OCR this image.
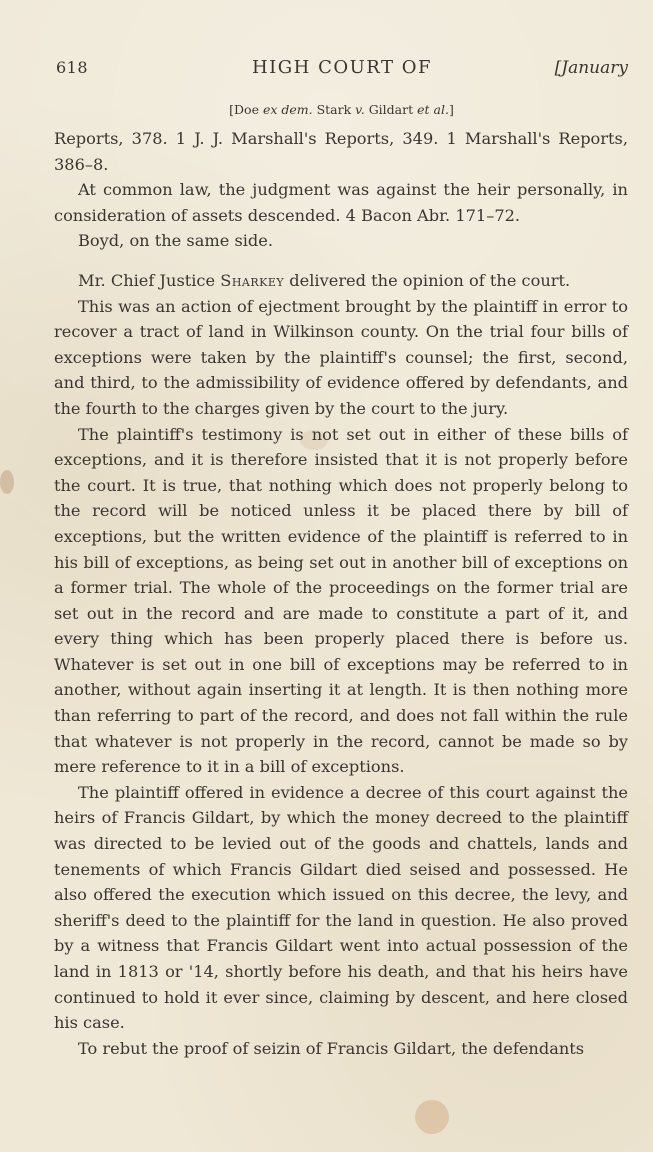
618	HIGH COURT OF	[January
[Doe ex dem. Stark v. Gildart et al.]

Reports, 378. 1 J. J. Marshall's Reports, 349. 1 Marshall's Reports, 386–8.

At common law, the judgment was against the heir personally, in consideration of assets descended. 4 Bacon Abr. 171–72.

Boyd, on the same side.

Mr. Chief Justice Sharkey delivered the opinion of the court.

This was an action of ejectment brought by the plaintiff in error to recover a tract of land in Wilkinson county. On the trial four bills of exceptions were taken by the plaintiff's counsel; the first, second, and third, to the admissibility of evidence offered by defendants, and the fourth to the charges given by the court to the jury.

The plaintiff's testimony is not set out in either of these bills of exceptions, and it is therefore insisted that it is not properly before the court. It is true, that nothing which does not properly belong to the record will be noticed unless it be placed there by bill of exceptions, but the written evidence of the plaintiff is referred to in his bill of exceptions, as being set out in another bill of exceptions on a former trial. The whole of the proceedings on the former trial are set out in the record and are made to constitute a part of it, and every thing which has been properly placed there is before us. Whatever is set out in one bill of exceptions may be referred to in another, without again inserting it at length. It is then nothing more than referring to part of the record, and does not fall within the rule that whatever is not properly in the record, cannot be made so by mere reference to it in a bill of exceptions.

The plaintiff offered in evidence a decree of this court against the heirs of Francis Gildart, by which the money decreed to the plaintiff was directed to be levied out of the goods and chattels, lands and tenements of which Francis Gildart died seised and possessed. He also offered the execution which issued on this decree, the levy, and sheriff's deed to the plaintiff for the land in question. He also proved by a witness that Francis Gildart went into actual possession of the land in 1813 or '14, shortly before his death, and that his heirs have continued to hold it ever since, claiming by descent, and here closed his case.

To rebut the proof of seizin of Francis Gildart, the defendants
